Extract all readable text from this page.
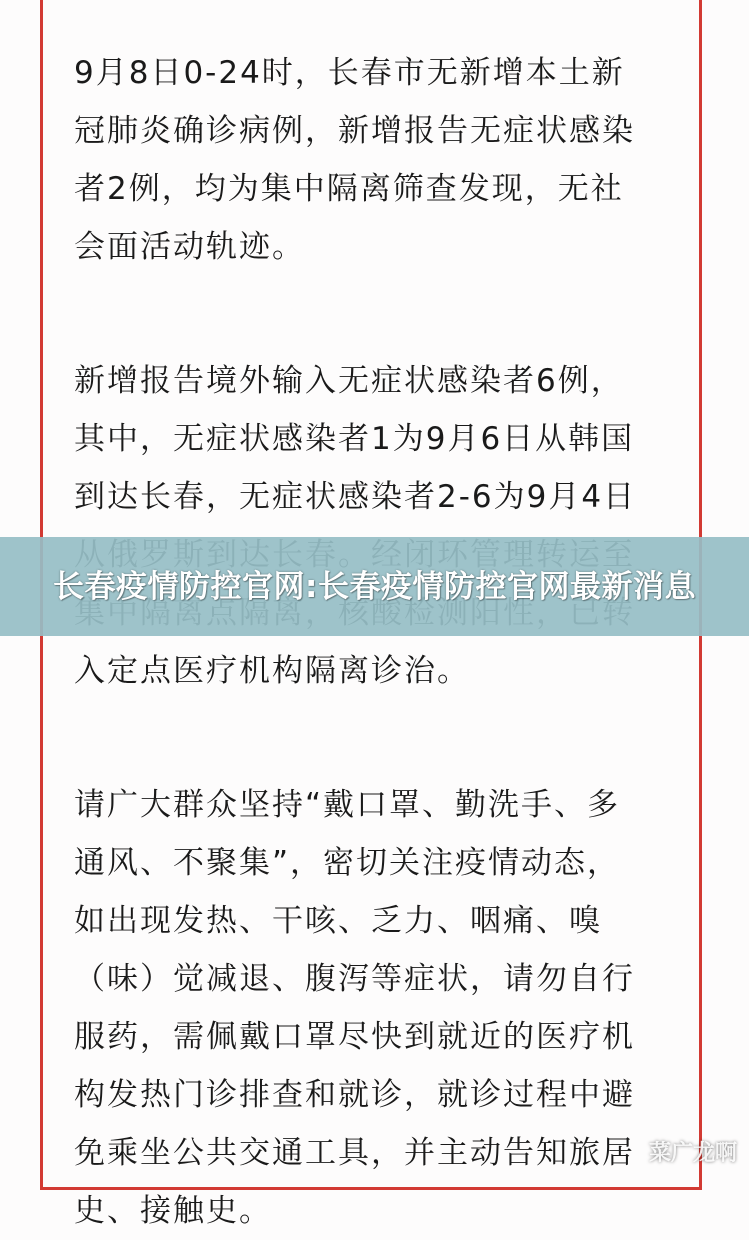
9月8日0-24时，长春市无新增本土新
冠肺炎确诊病例，新增报告无症状感染
者2例，均为集中隔离筛查发现，无社
会面活动轨迹。
新增报告境外输入无症状感染者6例，
其中，无症状感染者1为9月6日从韩国
到达长春，无症状感染者2-6为9月4日
入定点医疗机构隔离诊治。
请广大群众坚持“戴口罩、勤洗手、多
通风、不聚集”，密切关注疫情动态，
如出现发热、干咳、乏力、咽痛、嗅
（味）觉减退、腹泻等症状，请勿自行
服药，需佩戴口罩尽快到就近的医疗机
构发热门诊排查和就诊，就诊过程中避
免乘坐公共交通工具，并主动告知旅居
史、接触史。
长春疫情防控官网:长春疫情防控官网最新消息
菜广龙啊
